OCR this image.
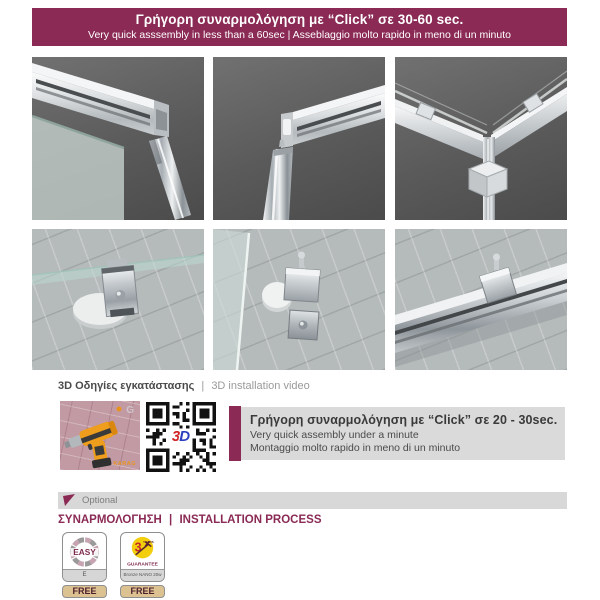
Γρήγορη συναρμολόγηση με “Click” σε 30-60 sec.
Very quick asssembly in less than a 60sec | Asseblaggio molto rapido in meno di un minuto
3D Οδηγίες εγκατάστασης | 3D installation video
G
KARAG
3D
Γρήγορη συναρμολόγηση με “Click” σε 20 - 30sec.
Very quick assembly under a minute
Montaggio molto rapido in meno di un minuto
Optional
ΣΥΝΑΡΜΟΛΟΓΗΣΗ | INSTALLATION PROCESS
EASY
E
FREE
3 YEARS
GUARANTEE
Bronze NANO 20w
FREE
